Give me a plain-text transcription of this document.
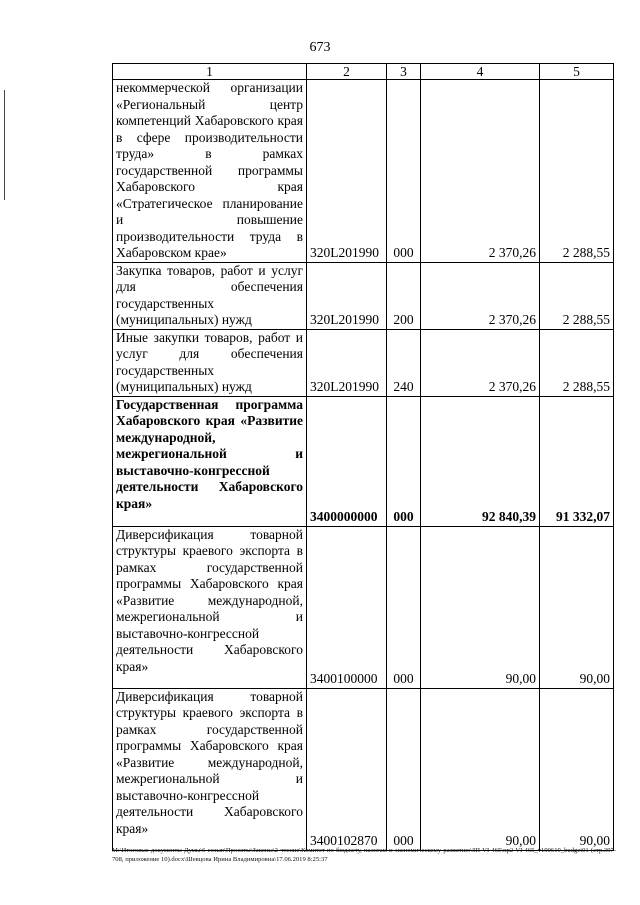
673
1	2	3	4	5
некоммерческой организации «Региональный центр компетенций Хабаровского края в сфере производительности труда» в рамках государственной программы Хабаровского края «Стратегическое планирование и повышение производительности труда в Хабаровском крае»	320L201990	000	2 370,26	2 288,55
Закупка товаров, работ и услуг для обеспечения государственных (муниципальных) нужд	320L201990	200	2 370,26	2 288,55
Иные закупки товаров, работ и услуг для обеспечения государственных (муниципальных) нужд	320L201990	240	2 370,26	2 288,55
Государственная программа Хабаровского края «Развитие международной, межрегиональной и выставочно-конгрессной деятельности Хабаровского края»	3400000000	000	92 840,39	91 332,07
Диверсификация товарной структуры краевого экспорта в рамках государственной программы Хабаровского края «Развитие международной, межрегиональной и выставочно-конгрессной деятельности Хабаровского края»	3400100000	000	90,00	90,00
Диверсификация товарной структуры краевого экспорта в рамках государственной программы Хабаровского края «Развитие международной, межрегиональной и выставочно-конгрессной деятельности Хабаровского края»	3400102870	000	90,00	90,00
M:\Итоговые документы Думы\6 созыв\Проекты\Законы\2 чтение\Комитет по бюджету, налогам и экономическому развитию\ЗП-VI-465\пр2-VI-465_v190619_budget01 (стр.397-708, приложение 10).docx\Шевцова Ирина Владимировна\17.06.2019 8:25:37
